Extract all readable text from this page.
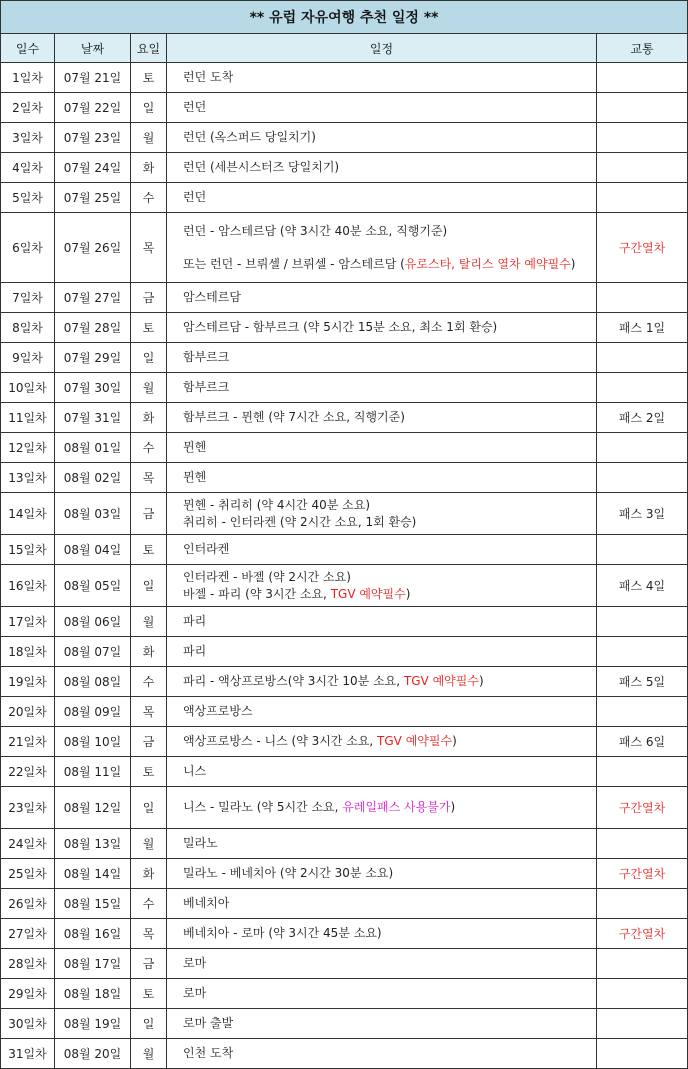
** 유럽 자유여행 추천 일정 **				
일수	날짜	요일	일정	교통
1일차	07월 21일	토	런던 도착	

2일차	07월 22일	일	런던	

3일차	07월 23일	월	런던 (옥스퍼드 당일치기)	

4일차	07월 24일	화	런던 (세븐시스터즈 당일치기)	

5일차	07월 25일	수	런던	

6일차	07월 26일	목	런던 - 암스테르담 (약 3시간 40분 소요, 직행기준)
또는 런던 - 브뤼셀 / 브뤼셀 - 암스테르담 (유로스타, 탈리스 열차 예약필수)	구간열차
7일차	07월 27일	금	암스테르담	

8일차	07월 28일	토	암스테르담 - 함부르크 (약 5시간 15분 소요, 최소 1회 환승)	패스 1일
9일차	07월 29일	일	함부르크	

10일차	07월 30일	월	함부르크	

11일차	07월 31일	화	함부르크 - 뮌헨 (약 7시간 소요, 직행기준)	패스 2일
12일차	08월 01일	수	뮌헨	

13일차	08월 02일	목	뮌헨	

14일차	08월 03일	금	뮌헨 - 취리히 (약 4시간 40분 소요)
취리히 - 인터라켄 (약 2시간 소요, 1회 환승)	패스 3일
15일차	08월 04일	토	인터라켄	

16일차	08월 05일	일	인터라켄 - 바젤 (약 2시간 소요)
바젤 - 파리 (약 3시간 소요, TGV 예약필수)	패스 4일
17일차	08월 06일	월	파리	

18일차	08월 07일	화	파리	

19일차	08월 08일	수	파리 - 액상프로방스(약 3시간 10분 소요, TGV 예약필수)	패스 5일
20일차	08월 09일	목	액상프로방스	

21일차	08월 10일	금	액상프로방스 - 니스 (약 3시간 소요, TGV 예약필수)	패스 6일
22일차	08월 11일	토	니스	

23일차	08월 12일	일	니스 - 밀라노 (약 5시간 소요, 유레일패스 사용불가)	구간열차
24일차	08월 13일	월	밀라노	

25일차	08월 14일	화	밀라노 - 베네치아 (약 2시간 30분 소요)	구간열차
26일차	08월 15일	수	베네치아	

27일차	08월 16일	목	베네치아 - 로마 (약 3시간 45분 소요)	구간열차
28일차	08월 17일	금	로마	

29일차	08월 18일	토	로마	

30일차	08월 19일	일	로마 출발	

31일차	08월 20일	월	인천 도착	
